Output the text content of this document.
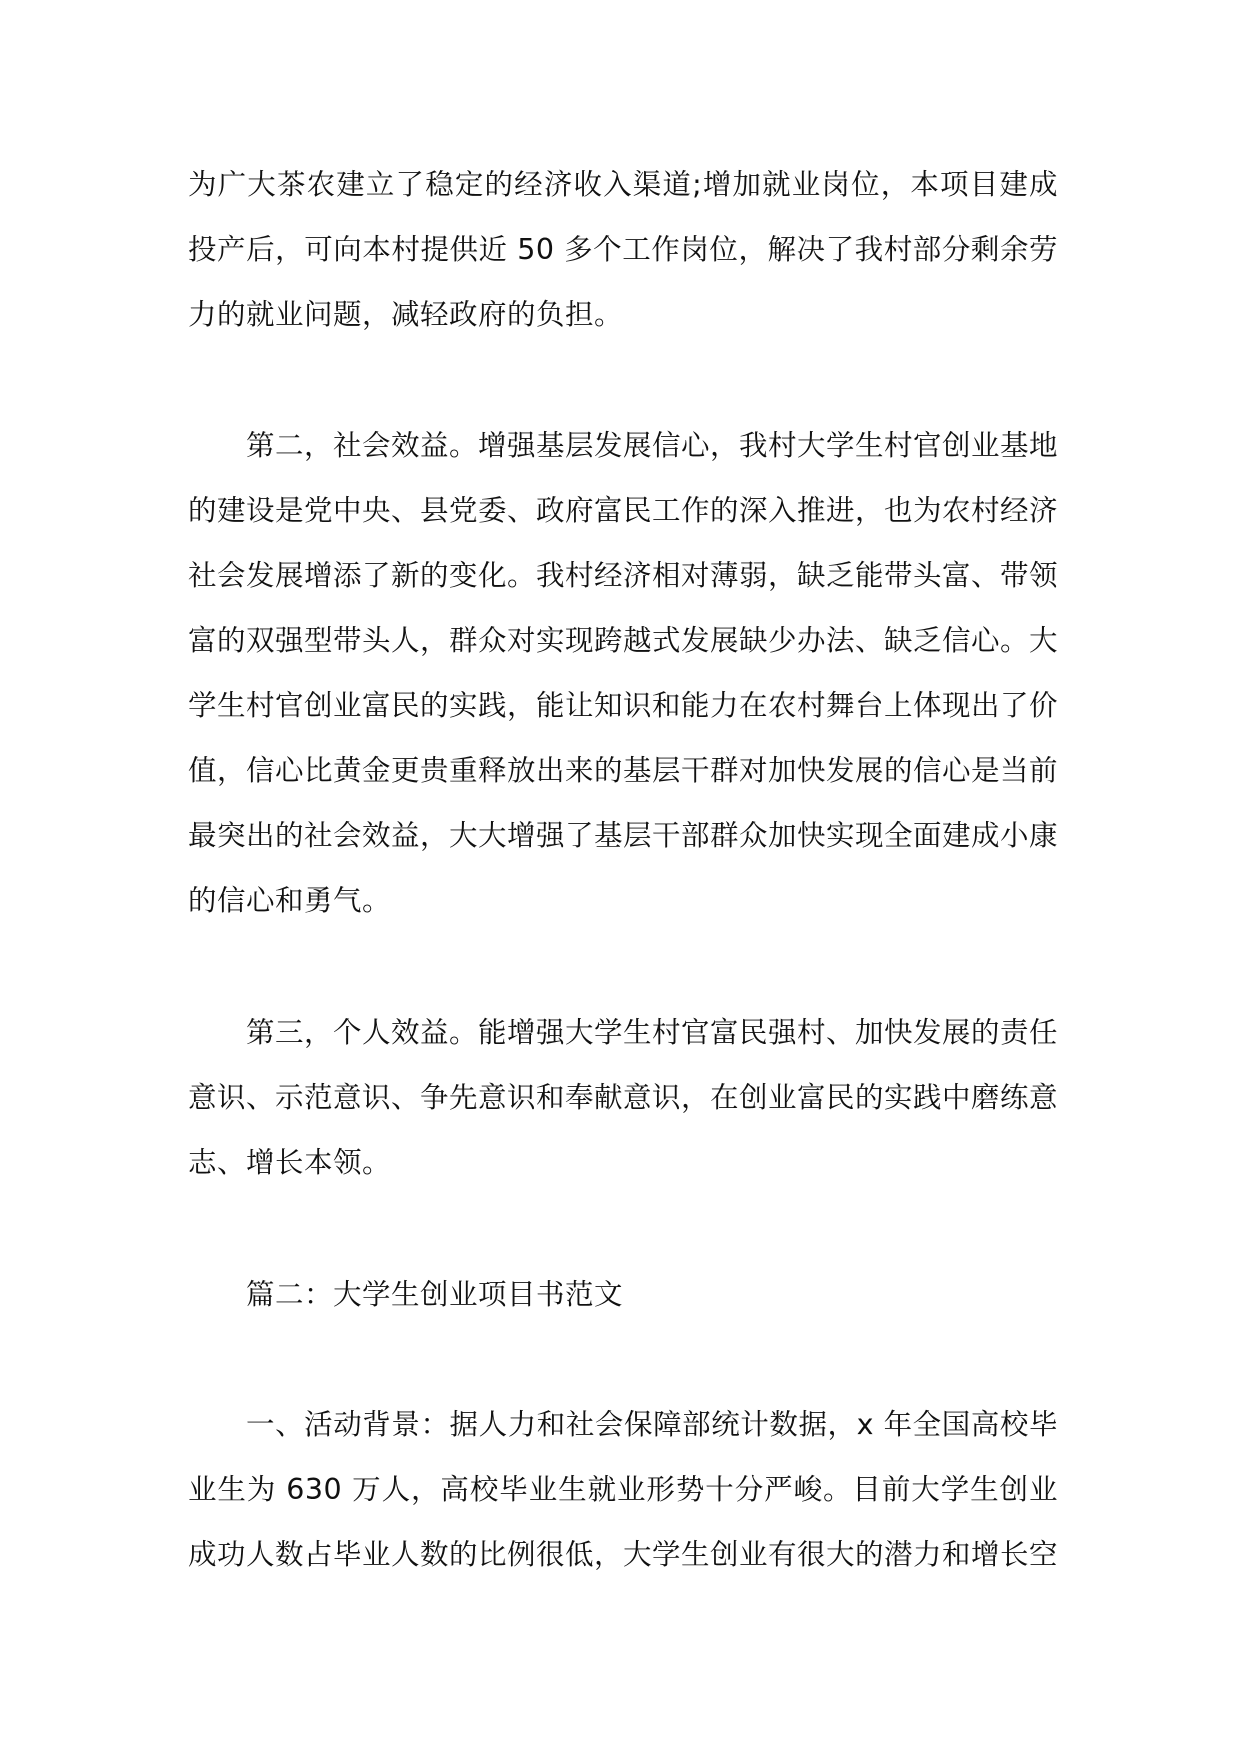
为广大茶农建立了稳定的经济收入渠道;增加就业岗位，本项目建成投产后，可向本村提供近 50 多个工作岗位，解决了我村部分剩余劳力的就业问题，减轻政府的负担。

第二，社会效益。增强基层发展信心，我村大学生村官创业基地的建设是党中央、县党委、政府富民工作的深入推进，也为农村经济社会发展增添了新的变化。我村经济相对薄弱，缺乏能带头富、带领富的双强型带头人，群众对实现跨越式发展缺少办法、缺乏信心。大学生村官创业富民的实践，能让知识和能力在农村舞台上体现出了价值，信心比黄金更贵重释放出来的基层干群对加快发展的信心是当前最突出的社会效益，大大增强了基层干部群众加快实现全面建成小康的信心和勇气。

第三，个人效益。能增强大学生村官富民强村、加快发展的责任意识、示范意识、争先意识和奉献意识，在创业富民的实践中磨练意志、增长本领。

篇二：大学生创业项目书范文

一、活动背景：据人力和社会保障部统计数据，x 年全国高校毕业生为 630 万人，高校毕业生就业形势十分严峻。目前大学生创业成功人数占毕业人数的比例很低，大学生创业有很大的潜力和增长空
